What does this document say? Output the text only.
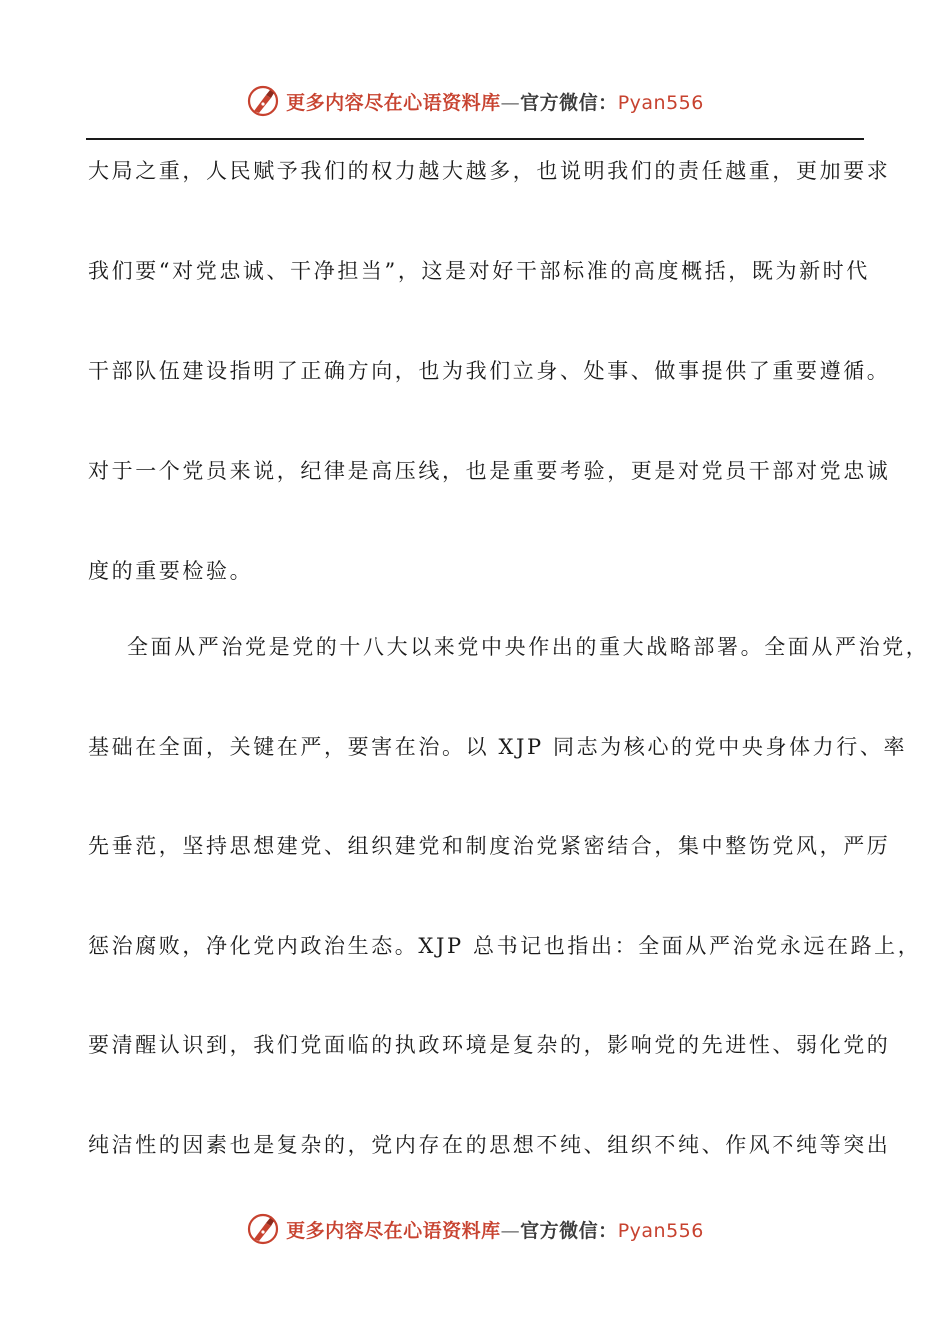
更多内容尽在心语资料库—官方微信：Pyan556
大局之重，人民赋予我们的权力越大越多，也说明我们的责任越重，更加要求
我们要“对党忠诚、干净担当”，这是对好干部标准的高度概括，既为新时代
干部队伍建设指明了正确方向，也为我们立身、处事、做事提供了重要遵循。
对于一个党员来说，纪律是高压线，也是重要考验，更是对党员干部对党忠诚
度的重要检验。
全面从严治党是党的十八大以来党中央作出的重大战略部署。全面从严治党，
基础在全面，关键在严，要害在治。以 XJP 同志为核心的党中央身体力行、率
先垂范，坚持思想建党、组织建党和制度治党紧密结合，集中整饬党风，严厉
惩治腐败，净化党内政治生态。XJP 总书记也指出：全面从严治党永远在路上，
要清醒认识到，我们党面临的执政环境是复杂的，影响党的先进性、弱化党的
纯洁性的因素也是复杂的，党内存在的思想不纯、组织不纯、作风不纯等突出
更多内容尽在心语资料库—官方微信：Pyan556
